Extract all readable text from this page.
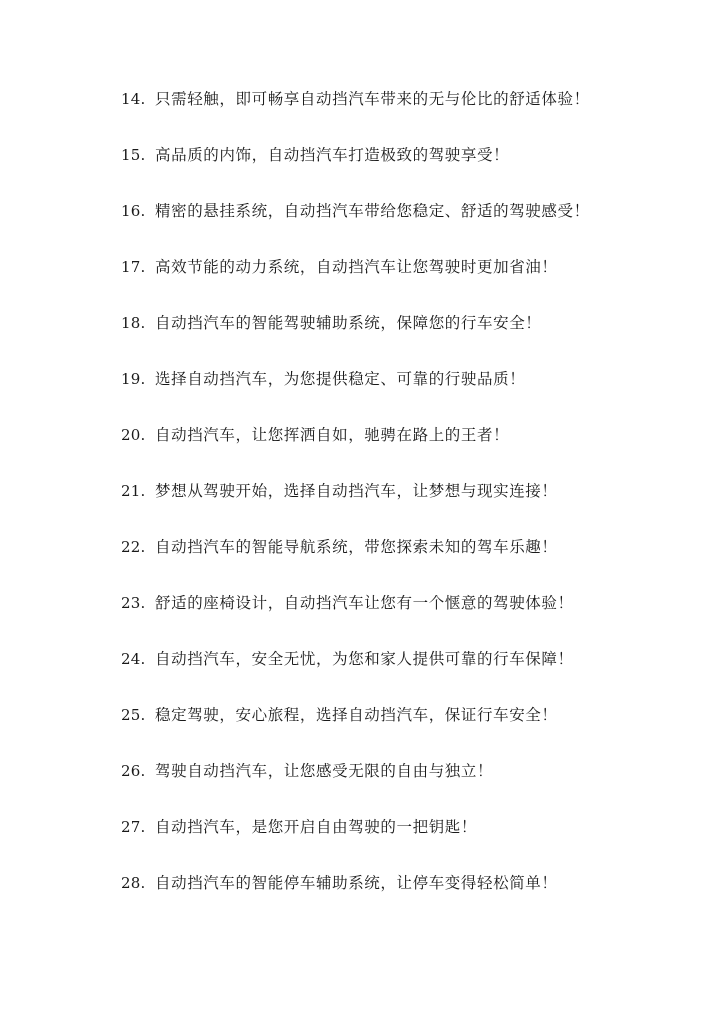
14. 只需轻触，即可畅享自动挡汽车带来的无与伦比的舒适体验！
15. 高品质的内饰，自动挡汽车打造极致的驾驶享受！
16. 精密的悬挂系统，自动挡汽车带给您稳定、舒适的驾驶感受！
17. 高效节能的动力系统，自动挡汽车让您驾驶时更加省油！
18. 自动挡汽车的智能驾驶辅助系统，保障您的行车安全！
19. 选择自动挡汽车，为您提供稳定、可靠的行驶品质！
20. 自动挡汽车，让您挥洒自如，驰骋在路上的王者！
21. 梦想从驾驶开始，选择自动挡汽车，让梦想与现实连接！
22. 自动挡汽车的智能导航系统，带您探索未知的驾车乐趣！
23. 舒适的座椅设计，自动挡汽车让您有一个惬意的驾驶体验！
24. 自动挡汽车，安全无忧，为您和家人提供可靠的行车保障！
25. 稳定驾驶，安心旅程，选择自动挡汽车，保证行车安全！
26. 驾驶自动挡汽车，让您感受无限的自由与独立！
27. 自动挡汽车，是您开启自由驾驶的一把钥匙！
28. 自动挡汽车的智能停车辅助系统，让停车变得轻松简单！
